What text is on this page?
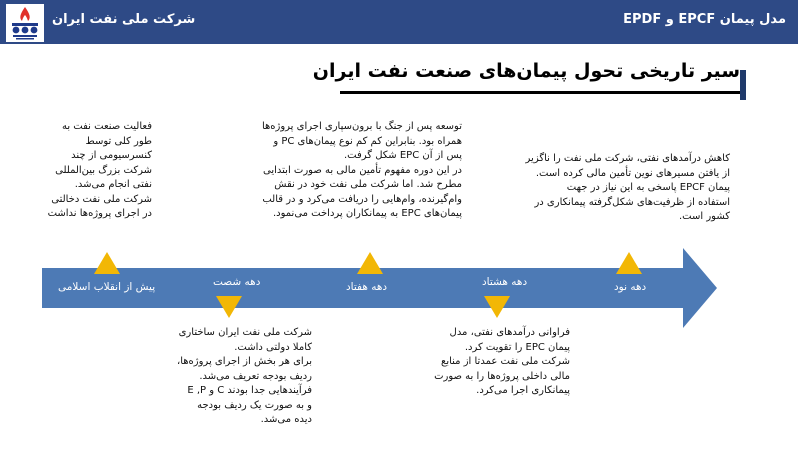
شرکت ملی نفت ایران	مدل پیمان EPCF و EPDF
سیر تاریخی تحول پیمان‌های صنعت نفت ایران
پیش از انقلاب اسلامی	دهه شصت	دهه هفتاد	دهه هشتاد	دهه نود
فعالیت صنعت نفت به
طور کلی توسط
کنسرسیومی از چند
شرکت بزرگ بین‌المللی
نفتی انجام می‌شد.
شرکت ملی نفت دخالتی
در اجرای پروژه‌ها نداشت
توسعه پس از جنگ با برون‌سپاری اجرای پروژه‌ها
همراه بود. بنابراین کم کم نوع پیمان‌های PC و
پس از آن EPC شکل گرفت.
در این دوره مفهوم تأمین مالی به صورت ابتدایی
مطرح شد. اما شرکت ملی نفت خود در نقش
وام‌گیرنده، وام‌هایی را دریافت می‌کرد و در قالب
پیمان‌های EPC به پیمانکاران پرداخت می‌نمود.
کاهش درآمدهای نفتی، شرکت ملی نفت را ناگزیر
از یافتن مسیرهای نوین تأمین مالی کرده است.
پیمان EPCF پاسخی به این نیاز در جهت
استفاده از ظرفیت‌های شکل‌گرفته پیمانکاری در
کشور است.
شرکت ملی نفت ایران ساختاری
کاملا دولتی داشت.
برای هر بخش از اجرای پروژه‌ها،
ردیف بودجه تعریف می‌شد.
فرآیندهایی جدا بودند C و E ,P
و به صورت یک ردیف بودجه
دیده می‌شد.
فراوانی درآمدهای نفتی، مدل
پیمان EPC را تقویت کرد.
شرکت ملی نفت عمدتا از منابع
مالی داخلی پروژه‌ها را به صورت
پیمانکاری اجرا می‌کرد.
